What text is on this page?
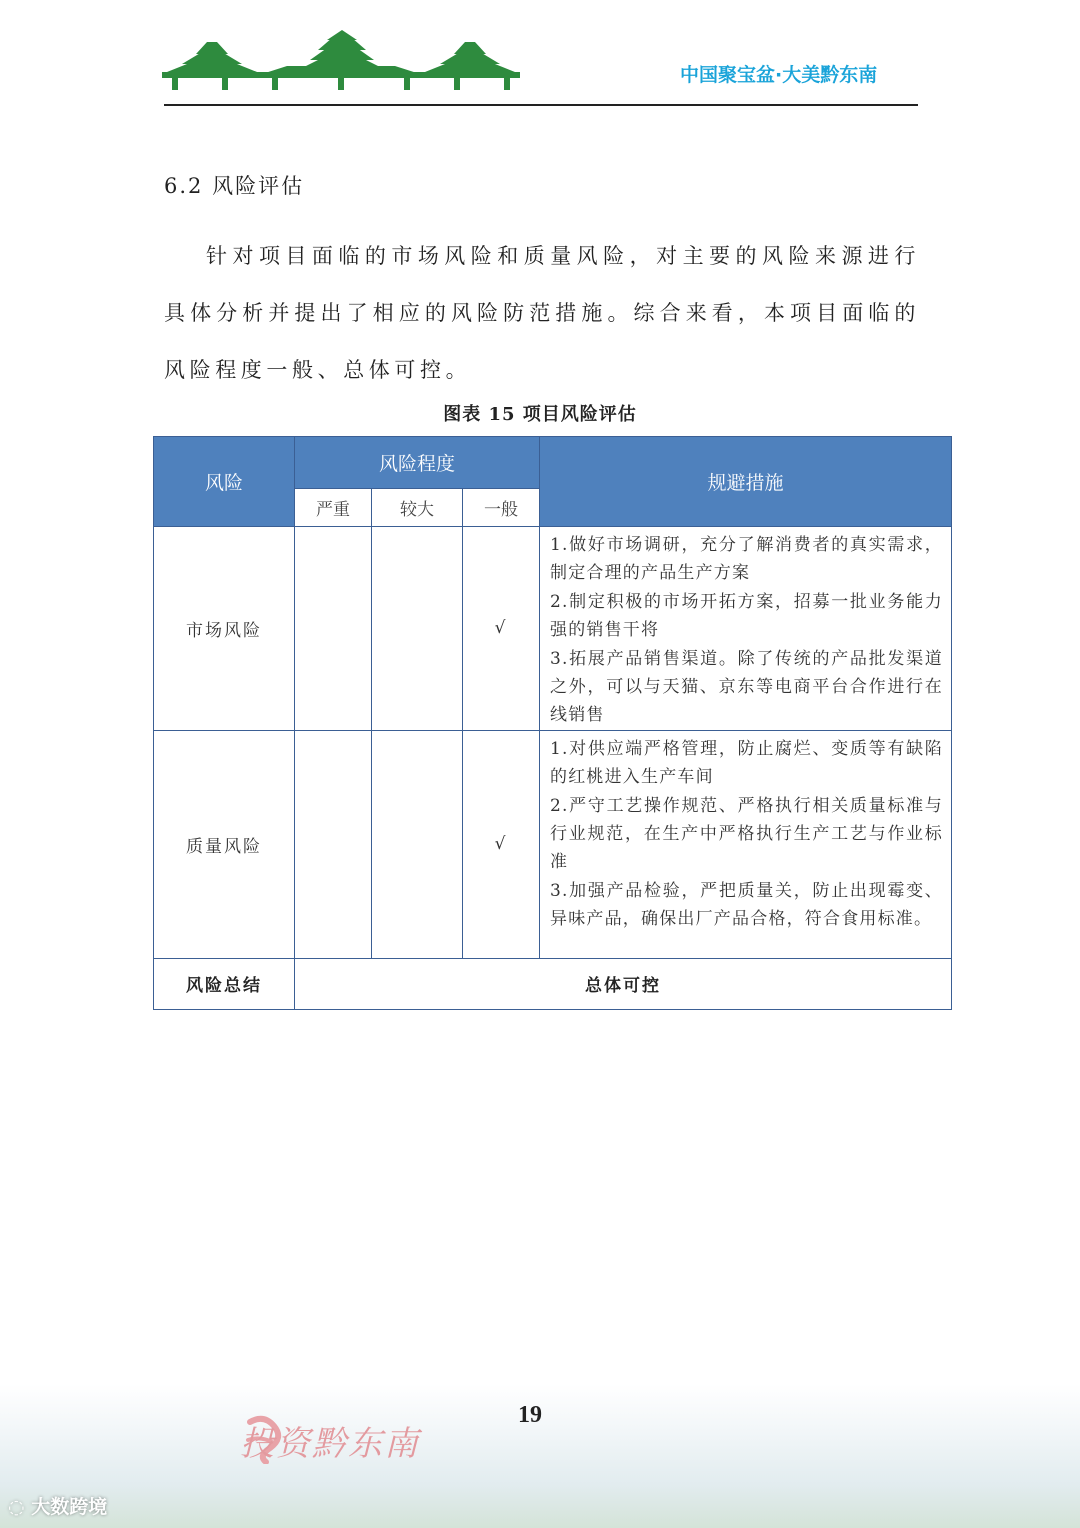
中国聚宝盆·大美黔东南
6.2 风险评估

针对项目面临的市场风险和质量风险，对主要的风险来源进行具体分析并提出了相应的风险防范措施。综合来看，本项目面临的风险程度一般、总体可控。

图表 15 项目风险评估
风险	风险程度			规避措施
	严重	较大	一般	
市场风险			√	1.做好市场调研，充分了解消费者的真实需求，制定合理的产品生产方案
2.制定积极的市场开拓方案，招募一批业务能力强的销售干将
3.拓展产品销售渠道。除了传统的产品批发渠道之外，可以与天猫、京东等电商平台合作进行在线销售

质量风险			√	1.对供应端严格管理，防止腐烂、变质等有缺陷的红桃进入生产车间
2.严守工艺操作规范、严格执行相关质量标准与行业规范，在生产中严格执行生产工艺与作业标准
3.加强产品检验，严把质量关，防止出现霉变、异味产品，确保出厂产品合格，符合食用标准。

风险总结	总体可控			
投资黔东南
19
◌ 大数跨境
